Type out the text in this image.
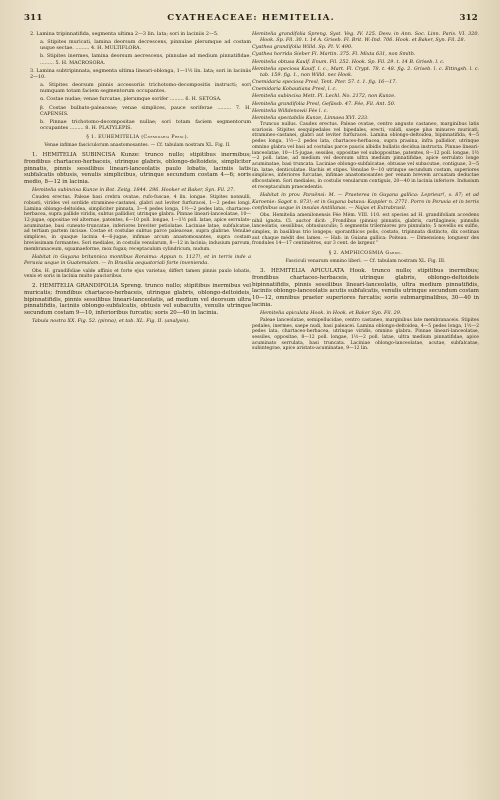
311	CYATHEACEAE: HEMITELIA.	312

2. Lamina tripinnatifida, segmenta ultima 2—3 lin. lata; sori in laciniis 2—5.

a. Stipites muricati, lamina deorsum decrescens, pinnulae plerumque ad costam usque sectae. ......... 4. H. MULTIFLORA.

b. Stipites inermes, lamina deorsum aecrescens, pinnulae ad medium pinnatifidae. ......... 5. H. MACROSORA.

3. Lamina subtripinnata, segmenta ultima lineari-oblonga, 1—1½ lin. lata; sori in laciniis 2—10.

a. Stipites deorsum pinnis accessoriis trichotomo-decompositis instructi; sori numquam totam faciem segmentorum occupantes.

α. Costae nudae; venae furcatae, plerumque sorifer ......... 6. H. SETOSA.

β. Costae bulbato-paleaceae; venae simplices, pauce soriferae ......... 7. H. CAPENSIS.

b. Pinnae trichotomo-decompositae nullae; sori totam faciem segmentorum occupantes ......... 8. H. PLATYLEPIS.

§ 1. EUHEMITELIA (Cnemidaria Presl).

Venae infimae fasciculorum anastomosantes. — Cf. tabulam nostram XL. Fig. II.

1. HEMITELIA SUBINCISA Kunze: trunco nullo; stipitibus inermibus; frondibus chartaceo-herbaceis, utrinque glabris, oblongo-deltoideis, simpliciter pinnatis, pinnis sessilibus lineari-lanceolatis paulo lobatis, laciniis latis subfalcatis obtusis, venulis simplicibus, utrinque secundum costam 4—6; soris medio, 8—12 in lacinia.

Hemitelia subincisa Kunze in Bot. Zeitg. 1844. 296. Hooker et Baker, Syn. Fil. 27.

Caudex erectus. Paleae basi crebra ovatae, rufo-fuscae, 4 lin. longae. Stipites nonnulli, robusti, virides vel sordide stramineo-castanei, glabri aut leviter furfuracei, 1—2 pedes longi. Lamina oblongo-deltoidea, simpliciter pinnata, 3—4 pedes longa, 1½—2 pedes lata, chartaceo-herbacea, supra pallide viridis, subtus pallidior, utrinque glabra. Pinnae lineari-lanceolatae, 10—12-jugae, oppositae vel alternae, patentes, 6—10 poll. longae, 1—1½ poll. latae, apice serrulato-acuminatae, basi cuneato-truncatae, inferiores breviter petiolatae. Laciniae latae, subfalcatae, ad tertiam partem incisae. Costae et costulae subtus parce paleaceae, supra glabrae. Venulae simplices, in quaque lacinia 4—6-jugae, infimae arcum anastomosantes, supra costam brevissimam formantes. Sori mediales, in costulis venularum, 8—12 in lacinia; indusium parvum, membranaceum, squamaeforme, mox fugax; receptaculum cylindricum, nudum.

Habitat in Guyana britannica montibus Roraima: Appun n. 1127!, et in terris inde a Peruvia usque in Guatemalam. — In Brasilia aequatoriali forte invenienda.

Obs. H. grandifoliae valde affinis et forte ejus varietas; differt tamen pinnis paulo lobatis, venis et soris in lacinia multo paucioribus.

2. HEMITELIA GRANDIFOLIA Spreng. trunco nullo; stipitibus inermibus vel muricatis; frondibus chartaceo-herbaceis, utrinque glabris, oblongo-deltoideis, bipinnatifidis, pinnis sessilibus lineari-lanceolatis, ad medium vel deorsum ultra pinnatifidis, laciniis oblongo-subfalcatis, obtusis vel subacutis, venulis utrinque secundum costam 9—10, inferioribus furcatis; soris 20—40 in lacinia.

Tabula nostra XX. Fig. 52. (pinna), et tab. XL. Fig. II. (analysis).

Hemitelia grandifolia Spreng. Syst. Veg. IV. 125. Desv. in Ann. Soc. Linn. Paris. VI. 320. Hook. Sp. Fil. 30. t. 14 A. Griseb. Fl. Brit. W.-Ind. 706. Hook. et Baker, Syn. Fil. 28.

Cyathea grandifolia Willd. Sp. Pl. V. 490.

Cyathea horrida Sieber Fl. Martin. 375. Fl. Mixta 631, non Smith.

Hemitelia obtusa Kaulf. Enum. Fil. 252. Hook. Sp. Fil. 29. t. 14 B. Griseb. l. c.

Hemitelia speciosa Kaulf. l. c., Mart. Fl. Crypt. 78. t. 48. fig. 2. Griseb. l. c. Ettingsh. l. c. tab. 159. fig. 1., non Willd. nec Hook.

Cnemidaria speciosa Presl, Tent. Pter. 57. t. 1. fig. 16—17.

Cnemidaria Kohautiana Presl, l. c.

Hemitelia subincisa Mett. Pl. Lechl. No. 2172, non Kunze.

Hemitelia grandifolia Presl, Gefässb. 47. Fée, Fil. Ant. 50.

Hemitelia Willdenowii Fée l. c.

Hemitelia spectabilis Kunze, Linnaea XVI. 233.

Truncus nullus. Caudex erectus. Paleae ovatae, centro angusto castaneo, marginibus latis scariosis. Stipites sesquipedales vel bipedales, erecti, validi, saepe plus minusve muricati, stramineo-castanei, glabri aut leviter furfuracei. Lamina oblongo-deltoidea, bipinnatifida, 4—5 pedes longa, 1½—2 pedes lata, chartaceo-herbacea, supra prasina, infra pallidior, utrinque omnino glabra vel basi ad costulas parce paucis albidis bullatis decidua instructa. Pinnae lineari-lanceolatae, 10—15-jugae, sessiles, oppositae vel suboppositae, patentes, 8—12 poll. longae, 1½—2 poll. latae, ad medium vel deorsum ultra medium pinnatifidae, apice serrulato longe acuminatae, basi truncata. Laciniae oblongo-subfalcatae, obtusae vel subacutae, contiguae, 3—5 lin. latae, denticulatae. Rachis et stipes. Venulae 9—10 utrinque secundum costam, superiores simplices, inferiores furcatae, infimae anastomosantes per venam brevem arcuatam deductae sfbcostalem. Sori mediales, in costulis venularum contiguis, 20—40 in lacinia inferiore. Indusium et receptaculum praecedentis.

Habitat in prov. Paraënsi: M. — Praeterea in Guyana gallica: Leprieur!, s. 87; et ad Karoenie: Sagot n. 873!; et in Guyana batava: Kappler n. 2771. Porro in Peruvia et in terris confinibus usque in insulas Antillanas. — Najas et Extrabrasil.

Obs. Hemitelia amenilonensis Fée Mém. VIII. 110. est species ad H. grandifoliam accedens nihil ignota. Cl. auctor dicit: „Frondibus (pinnis) pinnatis, glabris, cartilagineis; pinnulis lanceolatis, sessilibus, obtusiusculis; 5 segmentis trilerniores pro pinnulato; 5 novellis ex sulfio, simplex, in basilibus trio longeps; sporanthicos polis, costato, tripinnata distincto, dix costinas aut chaque médit des lames. — Hab. in Guiana gallica: Poiteau. — Dimensions; longueur des frondules 14—17 centimètres, sur 3 cent. de largeur.“

§ 2. AMPHICOSMIA Gardn.

Fasciculi venarum omnino liberi. — Cf. tabulam nostram XL. Fig. III.

3. HEMITELIA APICULATA Hook. trunco nullo; stipitibus inermibus; frondibus chartaceo-herbaceis, utrinque glabris, oblongo-deltoideis bipinnatifidis, pinnis sessilibus lineari-lanceolatis, ultra medium pinnatifidis, laciniis oblongo-lanceolatis acutis subfalcatis, venulis utrinque secundum costam 10—12, omnibus praeter superiores furcatis; soris submarginalibus, 30—40 in lacinia.

Hemitelia apiculata Hook. in Hook. et Baker Syn. Fil. 29.

Paleae lanceolatae, semipellucidae, centro castaneo, marginibus late membranaceis. Stipites pedales, inermes, saepe nudi, basi paleacei. Lamina oblongo-deltoidea, 4—5 pedes longa, 1½—2 pedes lata, chartaceo-herbacea, utrinque viridis, omnino glabra. Pinnae lineari-lanceolatae, sessiles, oppositae, 8—12 poll. longae, 1½—2 poll. latae, ultra medium pinnatifidae, apice acuminato serrulata, basi truncata. Laciniae oblongo-lanceolatae, acutae, subfalcatae, subintegrae, apice aristato-acuminatae, 9—12 lin.
